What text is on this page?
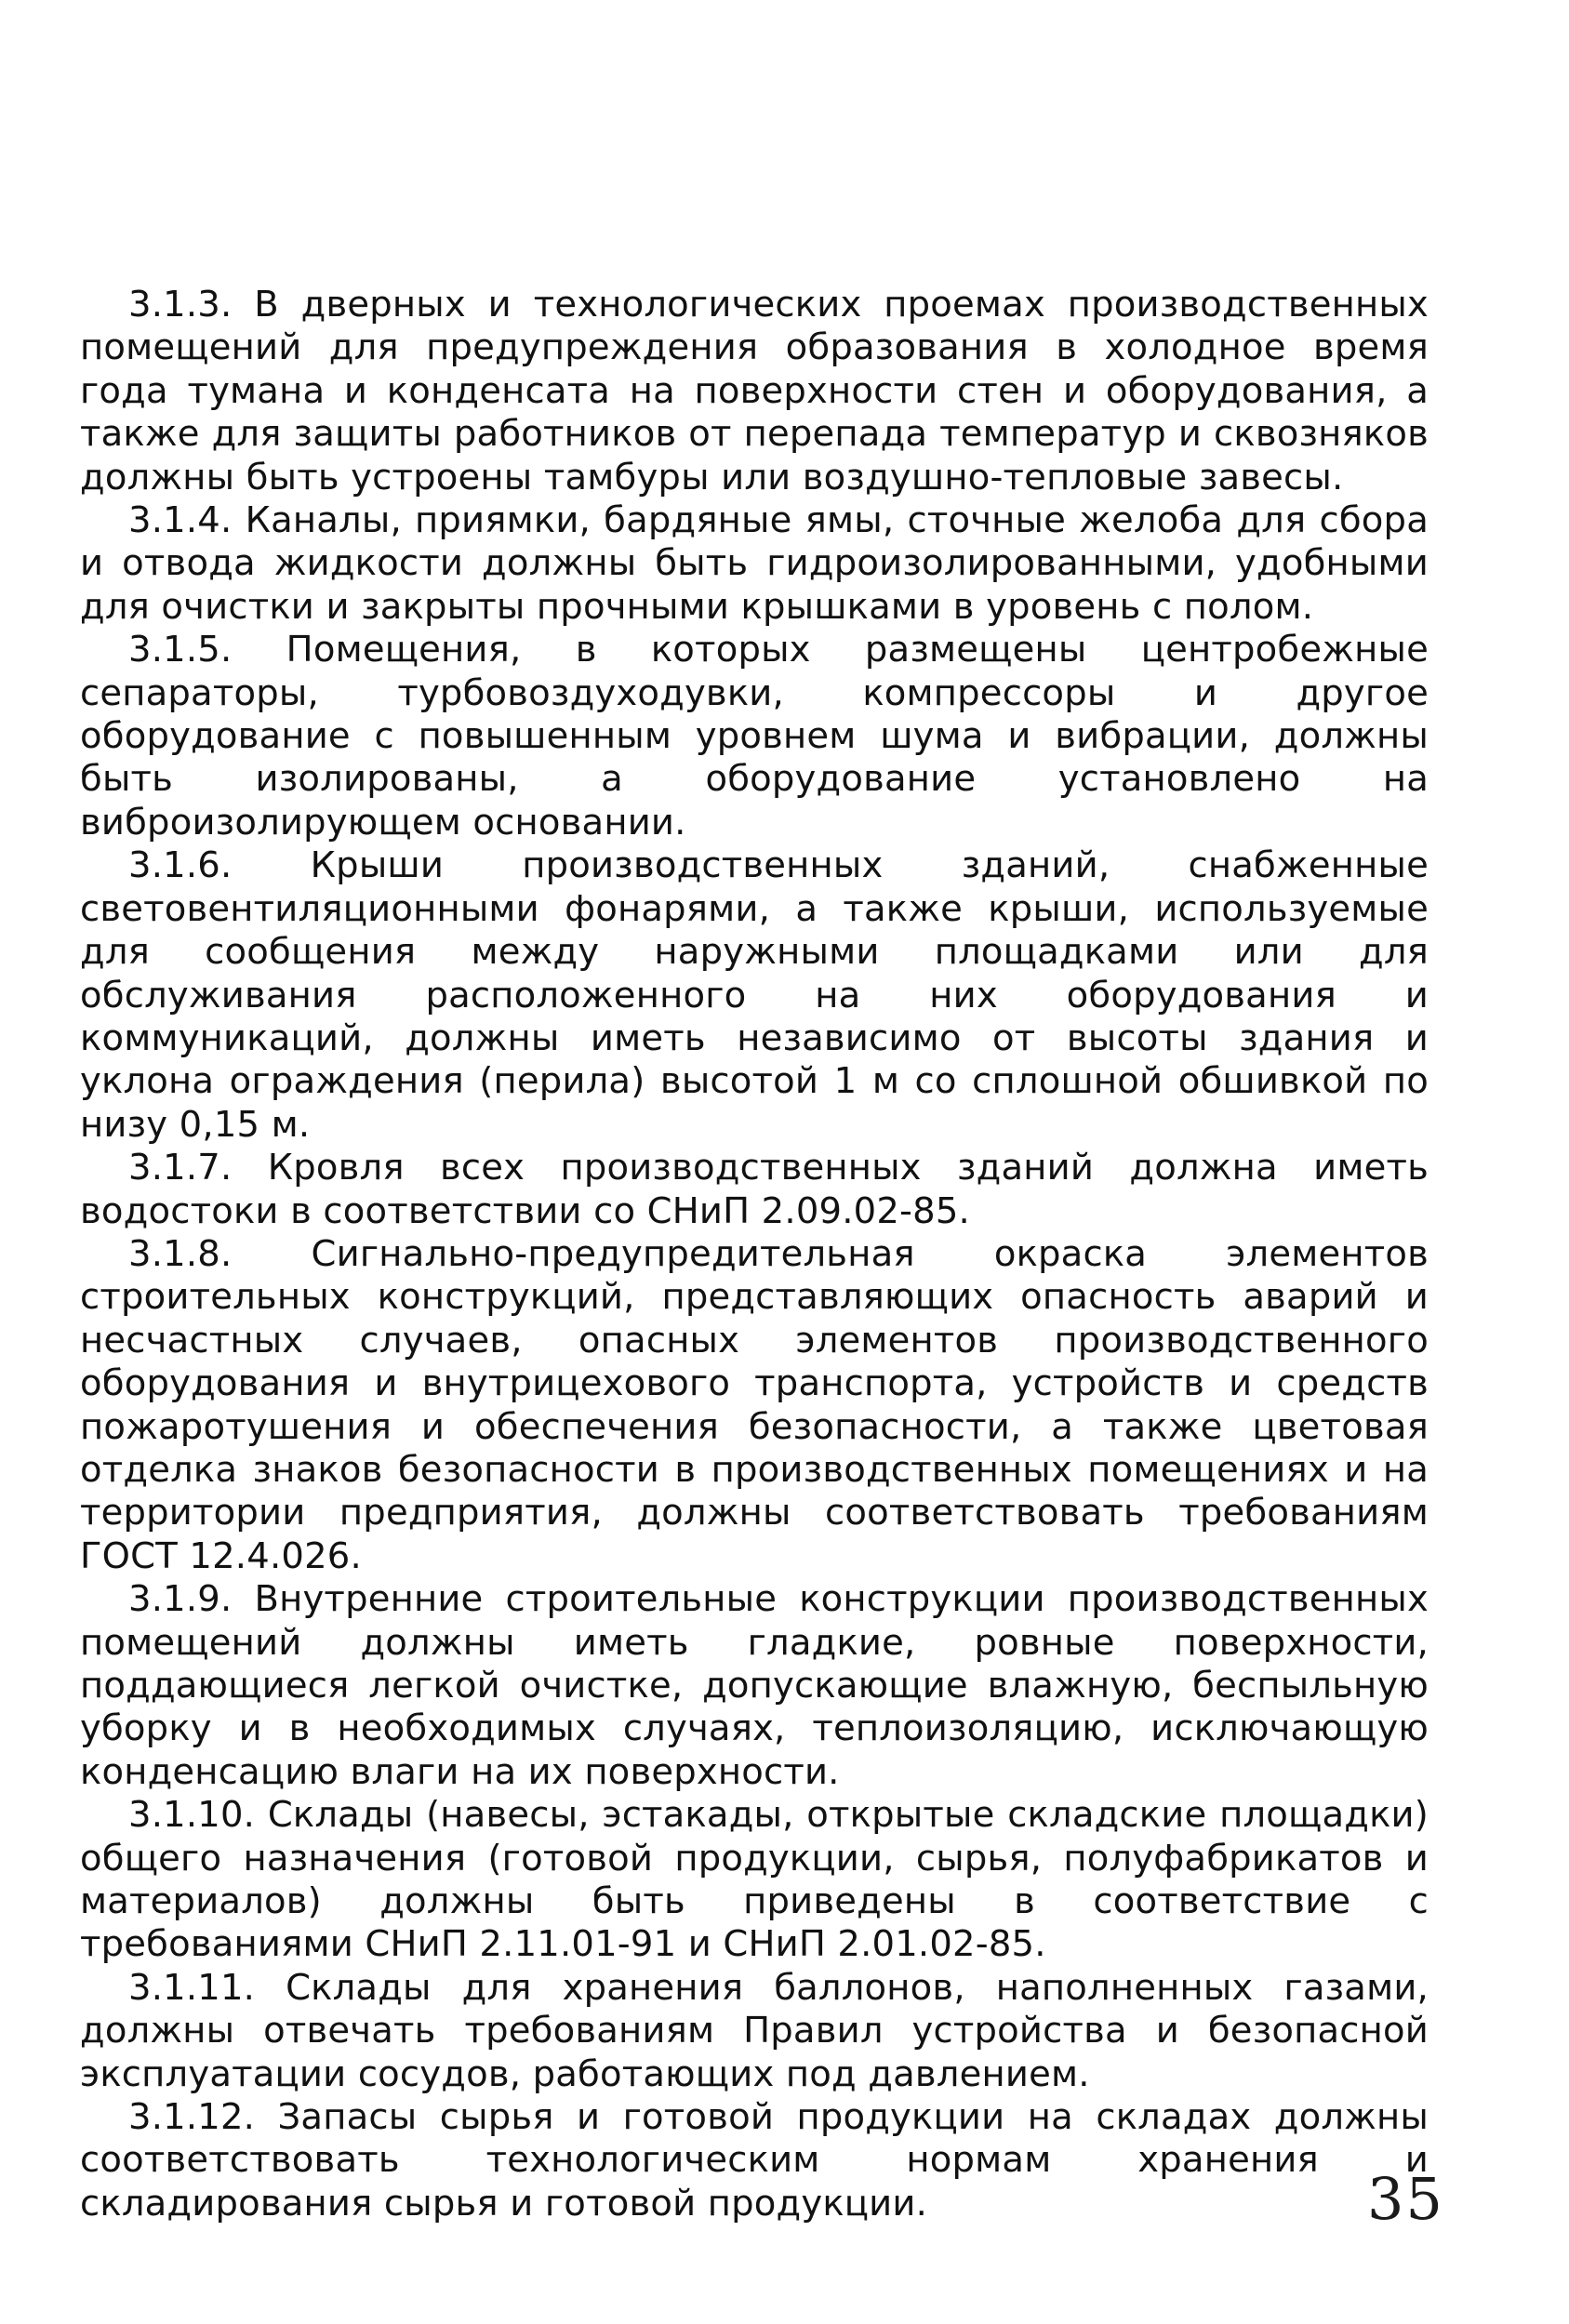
3.1.3. В дверных и технологических проемах производственных помещений для предупреждения образования в холодное время года тумана и конденсата на поверхности стен и оборудования, а также для защиты работников от перепада температур и сквозняков должны быть устроены тамбуры или воздушно-тепловые завесы.

3.1.4. Каналы, приямки, бардяные ямы, сточные желоба для сбора и отвода жидкости должны быть гидроизолированными, удобными для очистки и закрыты прочными крышками в уровень с полом.

3.1.5. Помещения, в которых размещены центробежные сепараторы, турбовоздуходувки, компрессоры и другое оборудование с повышенным уровнем шума и вибрации, должны быть изолированы, а оборудование установлено на виброизолирующем основании.

3.1.6. Крыши производственных зданий, снабженные световентиляционными фонарями, а также крыши, используемые для сообщения между наружными площадками или для обслуживания расположенного на них оборудования и коммуникаций, должны иметь независимо от высоты здания и уклона ограждения (перила) высотой 1 м со сплошной обшивкой по низу 0,15 м.

3.1.7. Кровля всех производственных зданий должна иметь водостоки в соответствии со СНиП 2.09.02-85.

3.1.8. Сигнально-предупредительная окраска элементов строительных конструкций, представляющих опасность аварий и несчастных случаев, опасных элементов производственного оборудования и внутрицехового транспорта, устройств и средств пожаротушения и обеспечения безопасности, а также цветовая отделка знаков безопасности в производственных помещениях и на территории предприятия, должны соответствовать требованиям ГОСТ 12.4.026.

3.1.9. Внутренние строительные конструкции производственных помещений должны иметь гладкие, ровные поверхности, поддающиеся легкой очистке, допускающие влажную, беспыльную уборку и в необходимых случаях, теплоизоляцию, исключающую конденсацию влаги на их поверхности.

3.1.10. Склады (навесы, эстакады, открытые складские площадки) общего назначения (готовой продукции, сырья, полуфабрикатов и материалов) должны быть приведены в соответствие с требованиями СНиП 2.11.01-91 и СНиП 2.01.02-85.

3.1.11. Склады для хранения баллонов, наполненных газами, должны отвечать требованиям Правил устройства и безопасной эксплуатации сосудов, работающих под давлением.

3.1.12. Запасы сырья и готовой продукции на складах должны соответствовать технологическим нормам хранения и складирования сырья и готовой продукции.	35
